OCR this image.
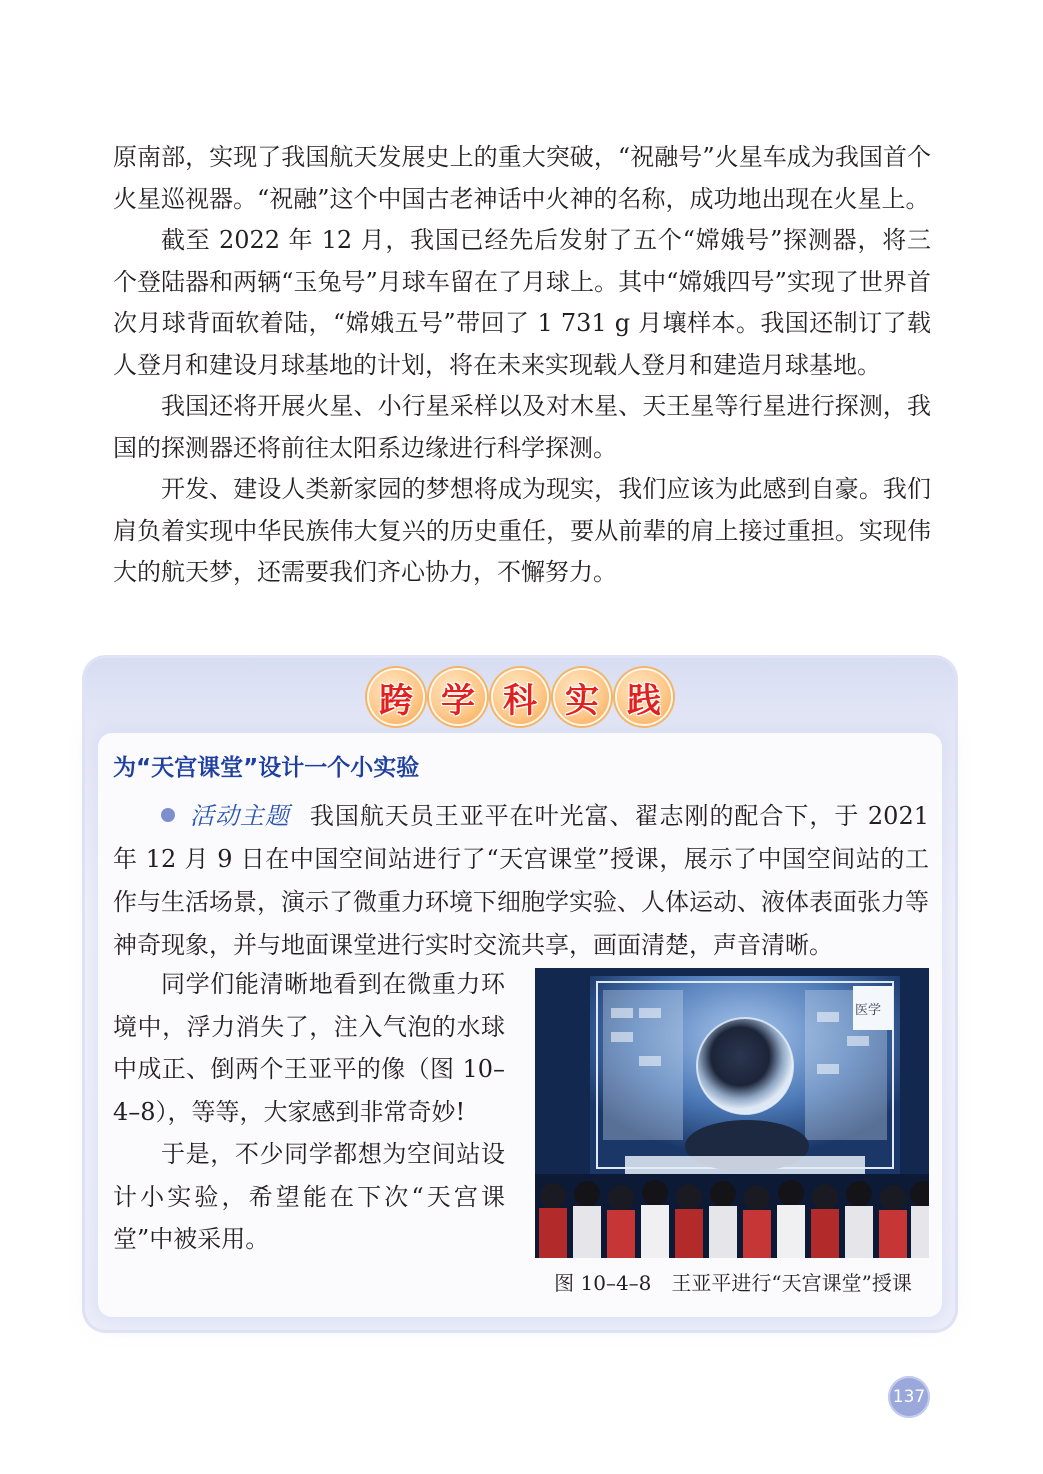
原南部，实现了我国航天发展史上的重大突破，“祝融号”火星车成为我国首个火星巡视器。“祝融”这个中国古老神话中火神的名称，成功地出现在火星上。

截至 2022 年 12 月，我国已经先后发射了五个“嫦娥号”探测器，将三个登陆器和两辆“玉兔号”月球车留在了月球上。其中“嫦娥四号”实现了世界首次月球背面软着陆，“嫦娥五号”带回了 1 731 g 月壤样本。我国还制订了载人登月和建设月球基地的计划，将在未来实现载人登月和建造月球基地。

我国还将开展火星、小行星采样以及对木星、天王星等行星进行探测，我国的探测器还将前往太阳系边缘进行科学探测。

开发、建设人类新家园的梦想将成为现实，我们应该为此感到自豪。我们肩负着实现中华民族伟大复兴的历史重任，要从前辈的肩上接过重担。实现伟大的航天梦，还需要我们齐心协力，不懈努力。

跨 学 科 实 践
为“天宫课堂”设计一个小实验

活动主题 我国航天员王亚平在叶光富、翟志刚的配合下，于 2021 年 12 月 9 日在中国空间站进行了“天宫课堂”授课，展示了中国空间站的工作与生活场景，演示了微重力环境下细胞学实验、人体运动、液体表面张力等神奇现象，并与地面课堂进行实时交流共享，画面清楚，声音清晰。

同学们能清晰地看到在微重力环境中，浮力消失了，注入气泡的水球中成正、倒两个王亚平的像（图 10–4–8），等等，大家感到非常奇妙!

于是，不少同学都想为空间站设计小实验，希望能在下次“天宫课堂”中被采用。

医学

图 10–4–8　王亚平进行“天宫课堂”授课

137
